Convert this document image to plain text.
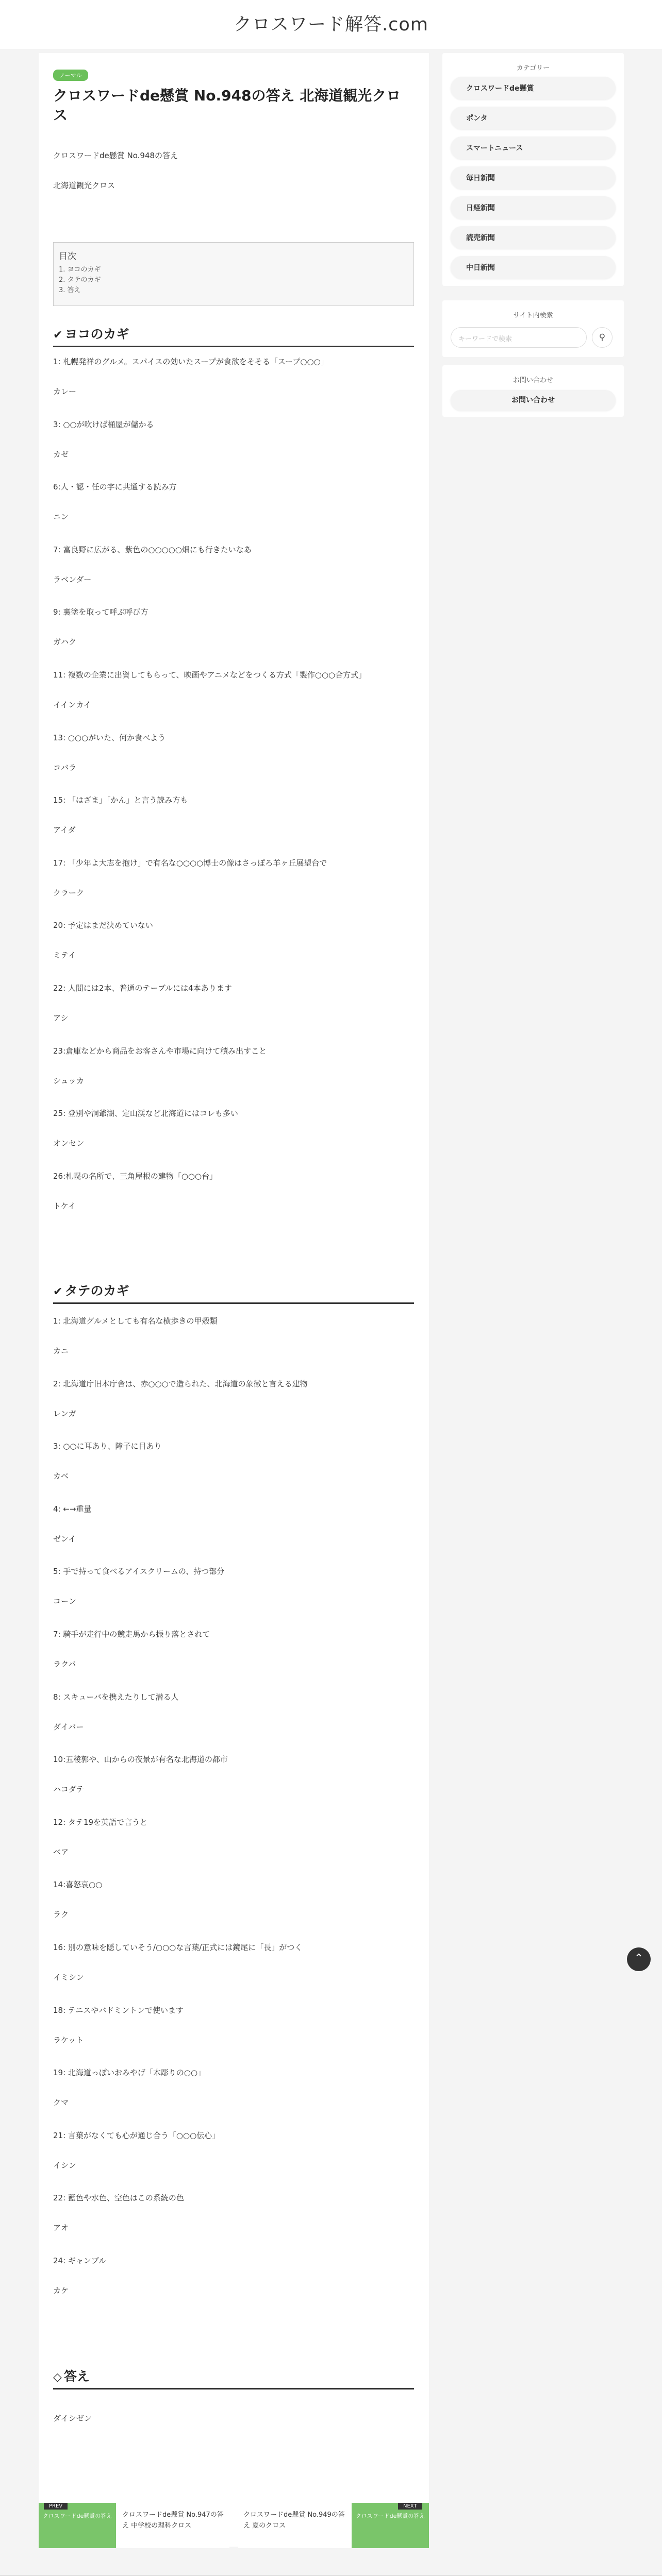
クロスワード解答.com
ノーマル
クロスワードde懸賞 No.948の答え 北海道観光クロス

クロスワードde懸賞 No.948の答え

北海道観光クロス

目次
1. ヨコのカギ
2. タテのカギ
3. 答え
✔ ヨコのカギ

1: 札幌発祥のグルメ。スパイスの効いたスープが食欲をそそる「スープ○○○」

カレー

3: ○○が吹けば桶屋が儲かる

カゼ

6:人・認・任の字に共通する読み方

ニン

7: 富良野に広がる、紫色の○○○○○畑にも行きたいなあ

ラベンダー

9: 裏塗を取って呼ぶ呼び方

ガハク

11: 複数の企業に出資してもらって、映画やアニメなどをつくる方式「製作○○○合方式」

イインカイ

13: ○○○がいた、何か食べよう

コバラ

15: 「はざま」「かん」と言う読み方も

アイダ

17: 「少年よ大志を抱け」で有名な○○○○博士の像はさっぽろ羊ヶ丘展望台で

クラーク

20: 予定はまだ決めていない

ミテイ

22: 人間には2本、普通のテーブルには4本あります

アシ

23:倉庫などから商品をお客さんや市場に向けて積み出すこと

シュッカ

25: 登別や洞爺湖、定山渓など北海道にはコレも多い

オンセン

26:札幌の名所で、三角屋根の建物「○○○台」

トケイ

✔ タテのカギ

1: 北海道グルメとしても有名な横歩きの甲殻類

カニ

2: 北海道庁旧本庁舎は、赤○○○で造られた、北海道の象徴と言える建物

レンガ

3: ○○に耳あり、障子に目あり

カベ

4: ←→重量

ゼンイ

5: 手で持って食べるアイスクリームの、持つ部分

コーン

7: 騎手が走行中の競走馬から振り落とされて

ラクバ

8: スキューバを携えたりして潜る人

ダイバー

10:五稜郭や、山からの夜景が有名な北海道の都市

ハコダテ

12: タテ19を英語で言うと

ベア

14:喜怒哀○○

ラク

16: 別の意味を隠していそう/○○○な言葉/正式には鏡尾に「長」がつく

イミシン

18: テニスやバドミントンで使います

ラケット

19: 北海道っぽいおみやげ「木彫りの○○」

クマ

21: 言葉がなくても心が通じ合う「○○○伝心」

イシン

22: 藍色や水色、空色はこの系統の色

アオ

24: ギャンブル

カケ

◇ 答え

ダイシゼン

カテゴリー
クロスワードde懸賞
ポンタ
スマートニュース
毎日新聞
日経新聞
読売新聞
中日新聞
サイト内検索
キーワードで検索	⚲
お問い合わせ
お問い合わせ
クロスワードde懸賞の答え
PREV
クロスワードde懸賞 No.947の答え 中学校の理科クロス
クロスワードde懸賞 No.949の答え 夏のクロス
クロスワードde懸賞の答え
NEXT
⌃
